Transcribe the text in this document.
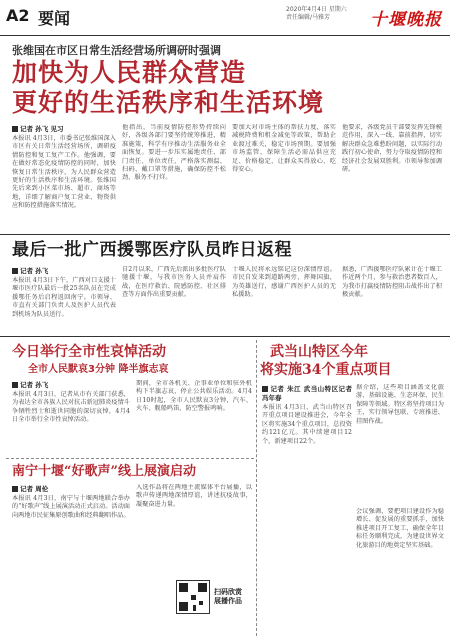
A2 要闻	2020年4月4日 星期六
责任编辑/马雅芳	十堰晚报
张维国在市区日常生活经营场所调研时强调
加快为人民群众营造
更好的生活秩序和生活环境
记者 孙飞 见习
本报讯 4月3日，市委书记张维国深入市区有关日常生活经营场所，调研疫情防控和复工复产工作。他强调，要在做好常态化疫情防控的同时，加快恢复日常生活秩序，为人民群众营造更好的生活秩序和生活环境。张维国先后来到小区菜市场、超市、商场等地，详细了解商户复工营业、物资供应和防控措施落实情况。
他指出，当前疫情防控形势持续向好，各级各部门要坚持统筹推进，精准施策，科学有序推动生活服务业全面恢复。要进一步压实属地责任、部门责任、单位责任，严格落实测温、扫码、戴口罩等措施，确保防控不松劲、服务不打烊。
要加大对市场主体的帮扶力度，落实减税降费和租金减免等政策，帮助企业渡过难关，稳定市场预期。要加强市场监管，保障生活必需品供应充足、价格稳定，让群众买得放心、吃得安心。
他要求，各级党员干部要发挥先锋模范作用，深入一线、靠前指挥，切实解决群众急难愁盼问题，以实际行动践行初心使命，努力夺取疫情防控和经济社会发展双胜利。市领导参加调研。
最后一批广西援鄂医疗队员昨日返程
记者 孙飞
本报讯 4月3日下午，广西对口支援十堰市医疗队最后一批25名队员在完成援鄂任务后启程返回南宁。市领导、市直有关部门负责人及医护人员代表到机场为队员送行。
自2月以来，广西先后派出多批医疗队驰援十堰，与我市医务人员并肩作战，在医疗救治、院感防控、社区排查等方面作出重要贡献。
十堰人民将永远铭记这份深情厚谊。市民自发来到道路两旁，挥舞国旗，为英雄送行，感谢广西医护人员的无私援助。
据悉，广西援鄂医疗队累计在十堰工作近两个月，参与救治患者数百人，为我市打赢疫情防控阻击战作出了积极贡献。
今日举行全市性哀悼活动
全市人民默哀3分钟 降半旗志哀
记者 孙飞
本报讯 4月3日，记者从市有关部门获悉，为表达全市各族人民对抗击新冠肺炎疫情斗争牺牲烈士和逝世同胞的深切哀悼，4月4日全市举行全市性哀悼活动。
期间，全市各机关、企事业单位和驻外机构下半旗志哀，停止公共娱乐活动。4月4日10时起，全市人民默哀3分钟，汽车、火车、舰船鸣笛，防空警报鸣响。
南宁十堰“好歌声”线上展演启动
记者 周伦
本报讯 4月3日，南宁与十堰两地联合举办的“好歌声”线上展演活动正式启动。活动面向两地市民征集原创歌曲和经典翻唱作品。
入选作品将在两地主流媒体平台展播，以歌声传递两地深情厚谊，讲述抗疫故事，凝聚奋进力量。
扫码欣赏
展播作品
武当山特区今年
将实施34个重点项目
记者 朱江 武当山特区记者 冯年春
本报讯 4月3日，武当山特区召开重点项目建设推进会，今年全区将实施34个重点项目，总投资约121亿元。其中续建项目12个，新建项目22个。
据介绍，这些项目涵盖文化旅游、基础设施、生态环保、民生保障等领域。特区将坚持项目为王，实行领导包联、专班推进、挂图作战。
会议强调，要把项目建设作为稳增长、促发展的重要抓手，加快推进项目开工复工，确保全年目标任务顺利完成，为建设世界文化旅游目的地奠定坚实基础。
